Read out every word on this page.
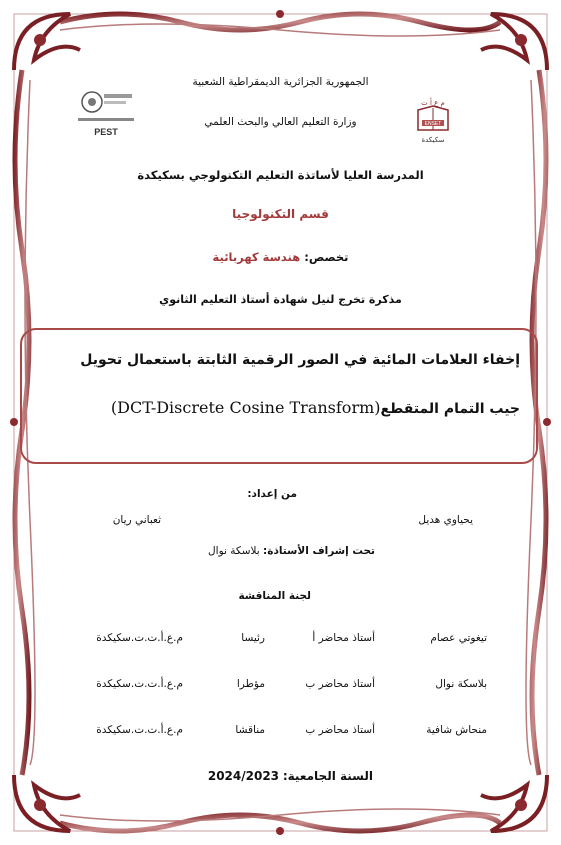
PEST
ﻡ ﻉ ﺃ ﺕ
ENSET
سكيكدة
الجمهورية الجزائرية الديمقراطية الشعبية
وزارة التعليم العالي والبحث العلمي
المدرسة العليا لأساتذة التعليم التكنولوجي بسكيكدة
قسم التكنولوجيا
تخصص: هندسة كهربائية
مذكرة تخرج لنيل شهادة أستاذ التعليم الثانوي
إخفاء العلامات المائية في الصور الرقمية الثابتة باستعمال تحويل
جيب التمام المتقطع(DCT-Discrete Cosine Transform)
من إعداد:
يحياوي هديل
ثعباني ريان
تحت إشراف الأستاذة: بلاسكة نوال
لجنة المناقشة
تيغوتي عصام
أستاذ محاضر أ
رئيسا
م.ع.أ.ت.ت.سكيكدة
بلاسكة نوال
أستاذ محاضر ب
مؤطرا
م.ع.أ.ت.ت.سكيكدة
منحاش شافية
أستاذ محاضر ب
مناقشا
م.ع.أ.ت.ت.سكيكدة
السنة الجامعية: 2024/2023
